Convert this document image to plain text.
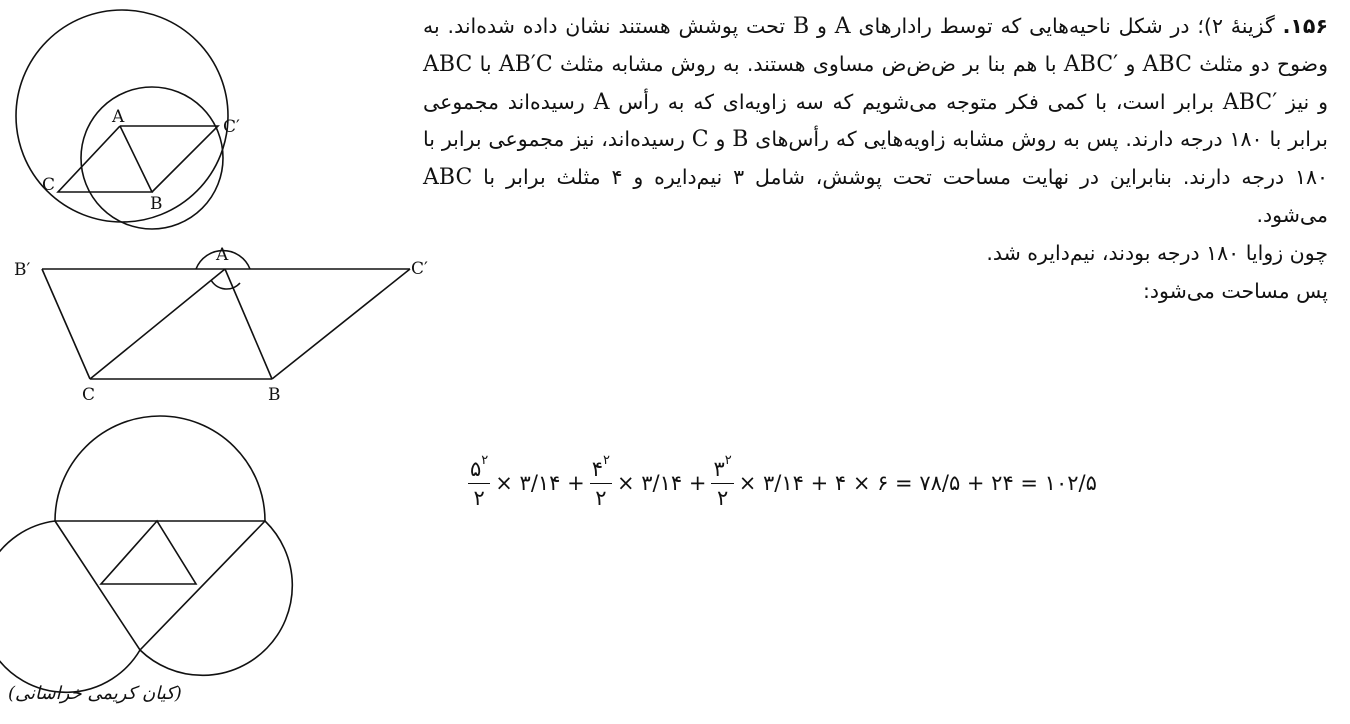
A
B
C
C′
B′
A
C′
C	B
(کیان کریمی خراسانی)

۱۵۶. گزینهٔ ۲)؛ در شکل ناحیه‌هایی که توسط رادارهای A و B تحت پوشش هستند نشان داده شده‌اند. به وضوح دو مثلث ABC و ABC′ با هم بنا بر ض‌ض‌ض مساوی هستند. به روش مشابه مثلث AB′C با ABC و نیز ABC′ برابر است، با کمی فکر متوجه می‌شویم که سه زاویه‌ای که به رأس A رسیده‌اند مجموعی برابر با ۱۸۰ درجه دارند. پس به روش مشابه زاویه‌هایی که رأس‌های B و C رسیده‌اند، نیز مجموعی برابر با ۱۸۰ درجه دارند. بنابراین در نهایت مساحت تحت پوشش، شامل ۳ نیم‌دایره و ۴ مثلث برابر با ABC می‌شود.

چون زوایا ۱۸۰ درجه بودند، نیم‌دایره شد.

پس مساحت می‌شود:

$\frac{۵^۲}{۲}$ × ۳/۱۴ + $\frac{۴^۲}{۲}$ × ۳/۱۴ + $\frac{۳^۲}{۲}$ × ۳/۱۴ + ۴ × ۶ = ۷۸/۵ + ۲۴ = ۱۰۲/۵
